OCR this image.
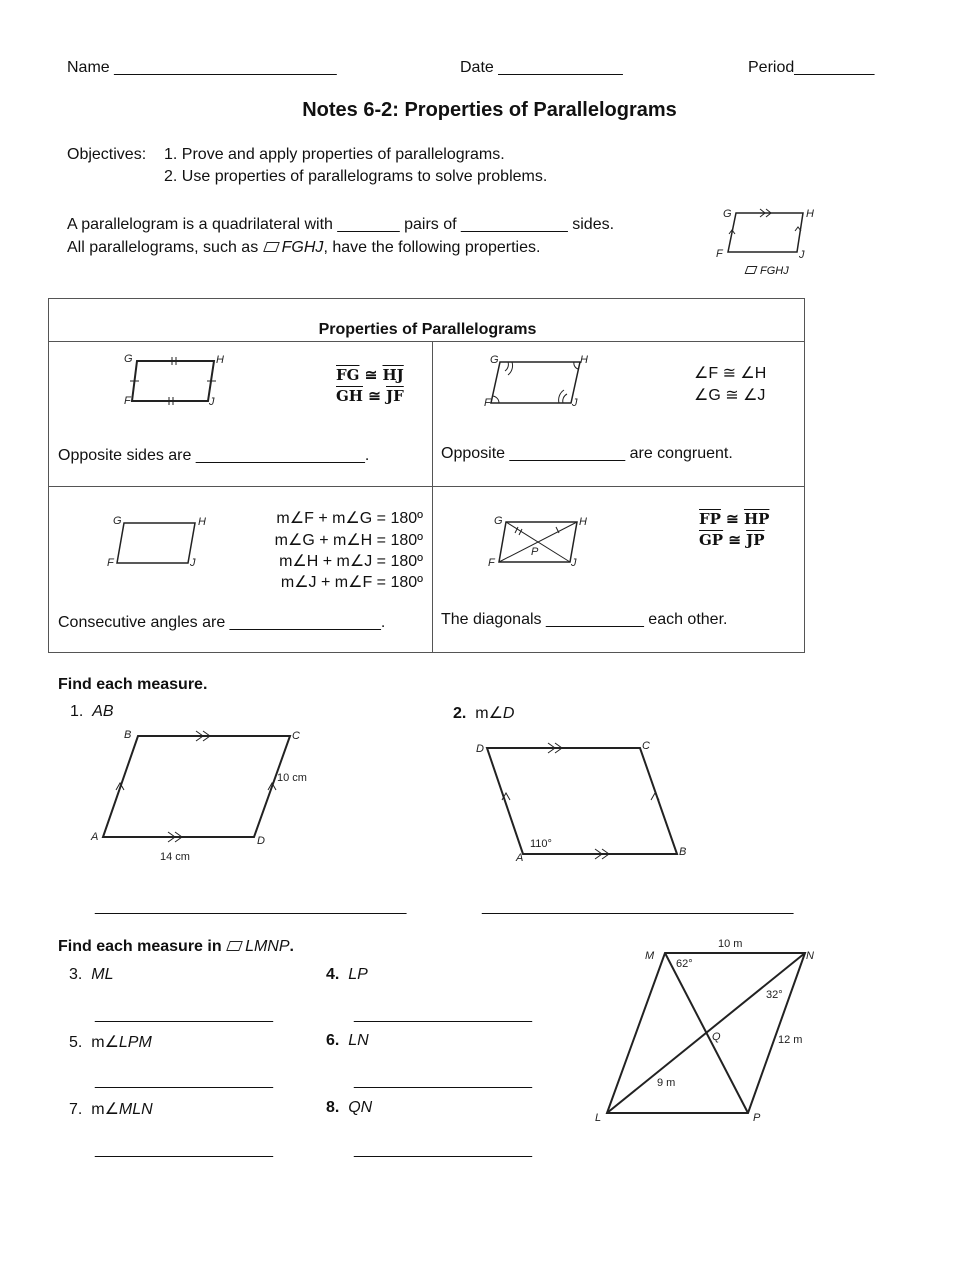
Name _________________________	Date ______________	Period_________
Notes 6-2: Properties of Parallelograms
Objectives: 1. Prove and apply properties of parallelograms.
2. Use properties of parallelograms to solve problems.
A parallelogram is a quadrilateral with _______ pairs of ____________ sides.
All parallelograms, such as FGHJ, have the following properties.
FGHJ
Properties of Parallelograms
$\overline{FG}$ ≅ $\overline{HJ}$
$\overline{GH}$ ≅ $\overline{JF}$
Opposite sides are ___________________.
∠F ≅ ∠H
∠G ≅ ∠J
Opposite _____________ are congruent.
m∠F + m∠G = 180º
m∠G + m∠H = 180º
m∠H + m∠J = 180º
m∠J + m∠F = 180º
Consecutive angles are _________________.
$\overline{FP}$ ≅ $\overline{HP}$
$\overline{GP}$ ≅ $\overline{JP}$
The diagonals ___________ each other.
Find each measure.
1. AB	2. m∠D
___________________________________	___________________________________
Find each measure in LMNP.
3. ML	4. LP
____________________	____________________
5. m∠LPM	6. LN
____________________	____________________
7. m∠MLN	8. QN
____________________	____________________
G	H
F	J
G	H
F	J
G	H
F	J
G	H
F	J
G	H
F	J
P
B	C
A	D
10 cm
14 cm
D	C
A	B
110°
M	N
L	P
Q
10 m
12 m
9 m
62°
32°
